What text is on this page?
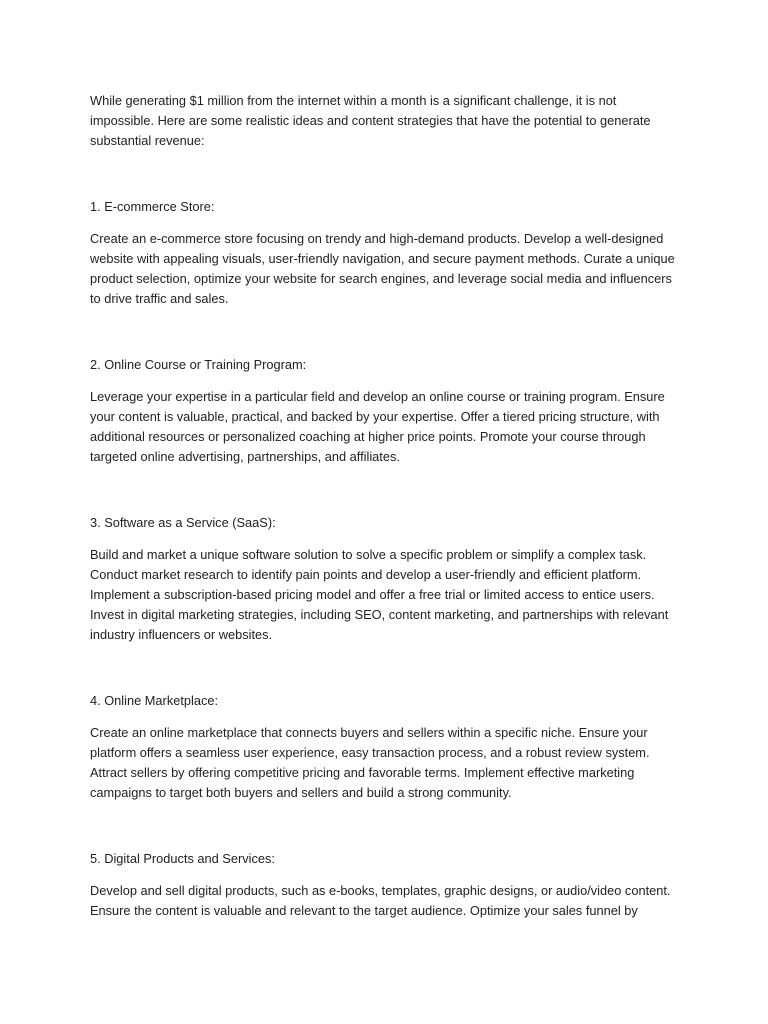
While generating $1 million from the internet within a month is a significant challenge, it is not impossible. Here are some realistic ideas and content strategies that have the potential to generate substantial revenue:

1. E-commerce Store:

Create an e-commerce store focusing on trendy and high-demand products. Develop a well-designed website with appealing visuals, user-friendly navigation, and secure payment methods. Curate a unique product selection, optimize your website for search engines, and leverage social media and influencers to drive traffic and sales.

2. Online Course or Training Program:

Leverage your expertise in a particular field and develop an online course or training program. Ensure your content is valuable, practical, and backed by your expertise. Offer a tiered pricing structure, with additional resources or personalized coaching at higher price points. Promote your course through targeted online advertising, partnerships, and affiliates.

3. Software as a Service (SaaS):

Build and market a unique software solution to solve a specific problem or simplify a complex task. Conduct market research to identify pain points and develop a user-friendly and efficient platform. Implement a subscription-based pricing model and offer a free trial or limited access to entice users. Invest in digital marketing strategies, including SEO, content marketing, and partnerships with relevant industry influencers or websites.

4. Online Marketplace:

Create an online marketplace that connects buyers and sellers within a specific niche. Ensure your platform offers a seamless user experience, easy transaction process, and a robust review system. Attract sellers by offering competitive pricing and favorable terms. Implement effective marketing campaigns to target both buyers and sellers and build a strong community.

5. Digital Products and Services:

Develop and sell digital products, such as e-books, templates, graphic designs, or audio/video content. Ensure the content is valuable and relevant to the target audience. Optimize your sales funnel by
